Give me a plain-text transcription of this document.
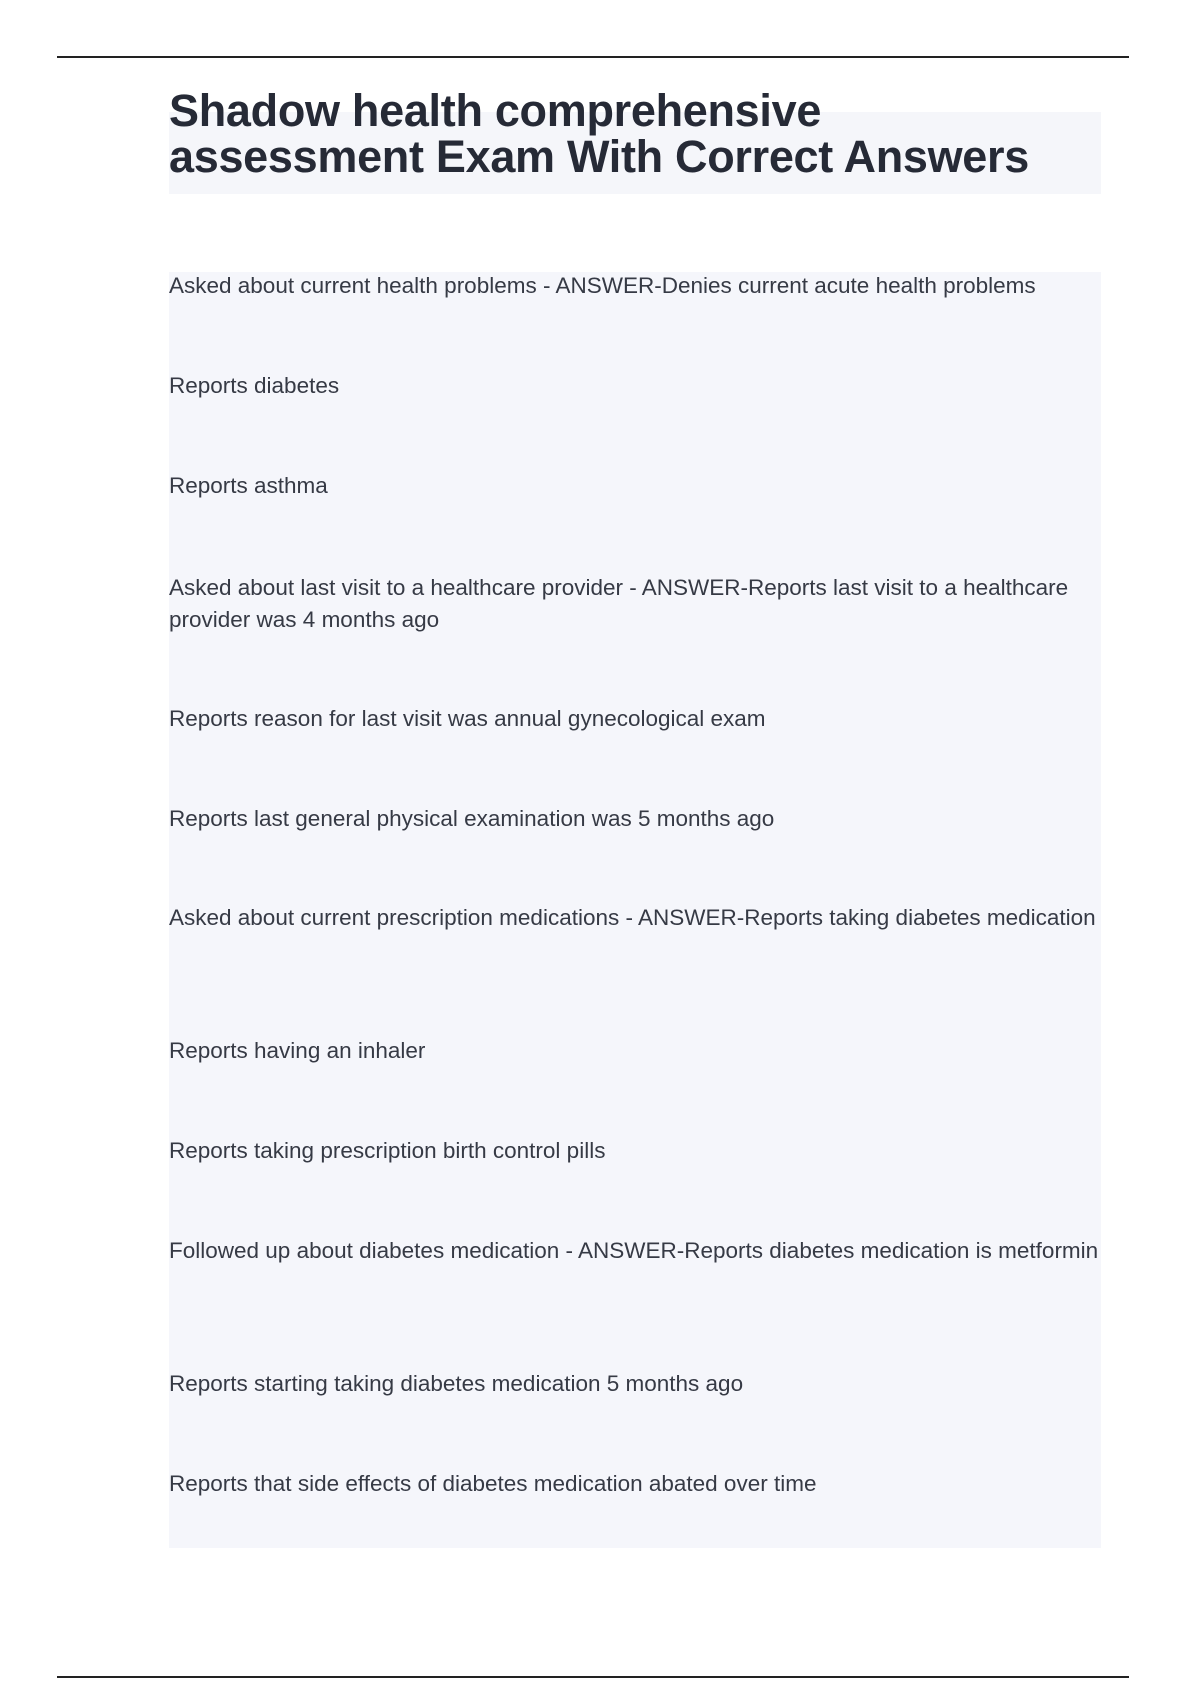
Shadow health comprehensive
assessment Exam With Correct Answers
Asked about current health problems - ANSWER-Denies current acute health problems
Reports diabetes
Reports asthma
Asked about last visit to a healthcare provider - ANSWER-Reports last visit to a healthcare provider was 4 months ago
Reports reason for last visit was annual gynecological exam
Reports last general physical examination was 5 months ago
Asked about current prescription medications - ANSWER-Reports taking diabetes medication
Reports having an inhaler
Reports taking prescription birth control pills
Followed up about diabetes medication - ANSWER-Reports diabetes medication is metformin
Reports starting taking diabetes medication 5 months ago
Reports that side effects of diabetes medication abated over time
